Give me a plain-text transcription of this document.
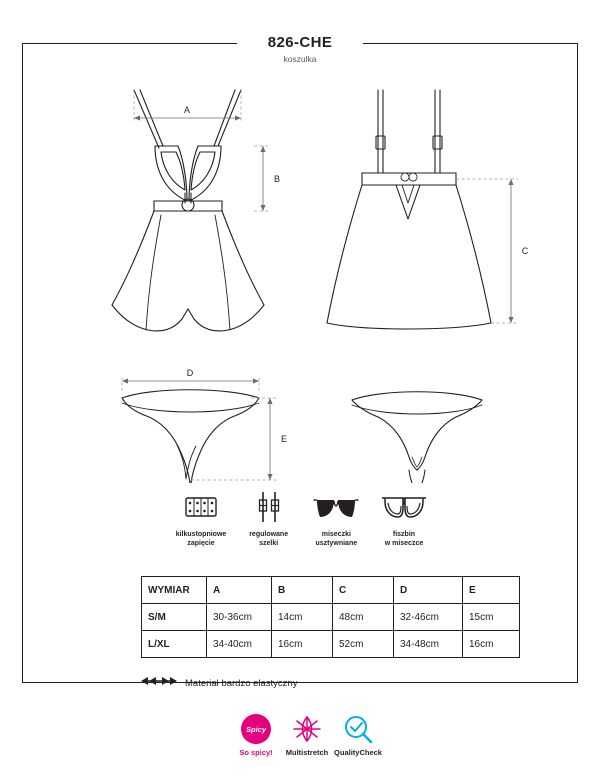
826-CHE
koszulka
A
B
C
D
E
kilkustopniowe
zapięcie
regulowane
szelki
miseczki
usztywniane
fiszbin
w miseczce
WYMIAR	A	B	C	D	E
S/M	30-36cm	14cm	48cm	32-46cm	15cm
L/XL	34-40cm	16cm	52cm	34-48cm	16cm
Materiał bardzo elastyczny
Spicy
So spicy!	Multistretch QualityCheck
